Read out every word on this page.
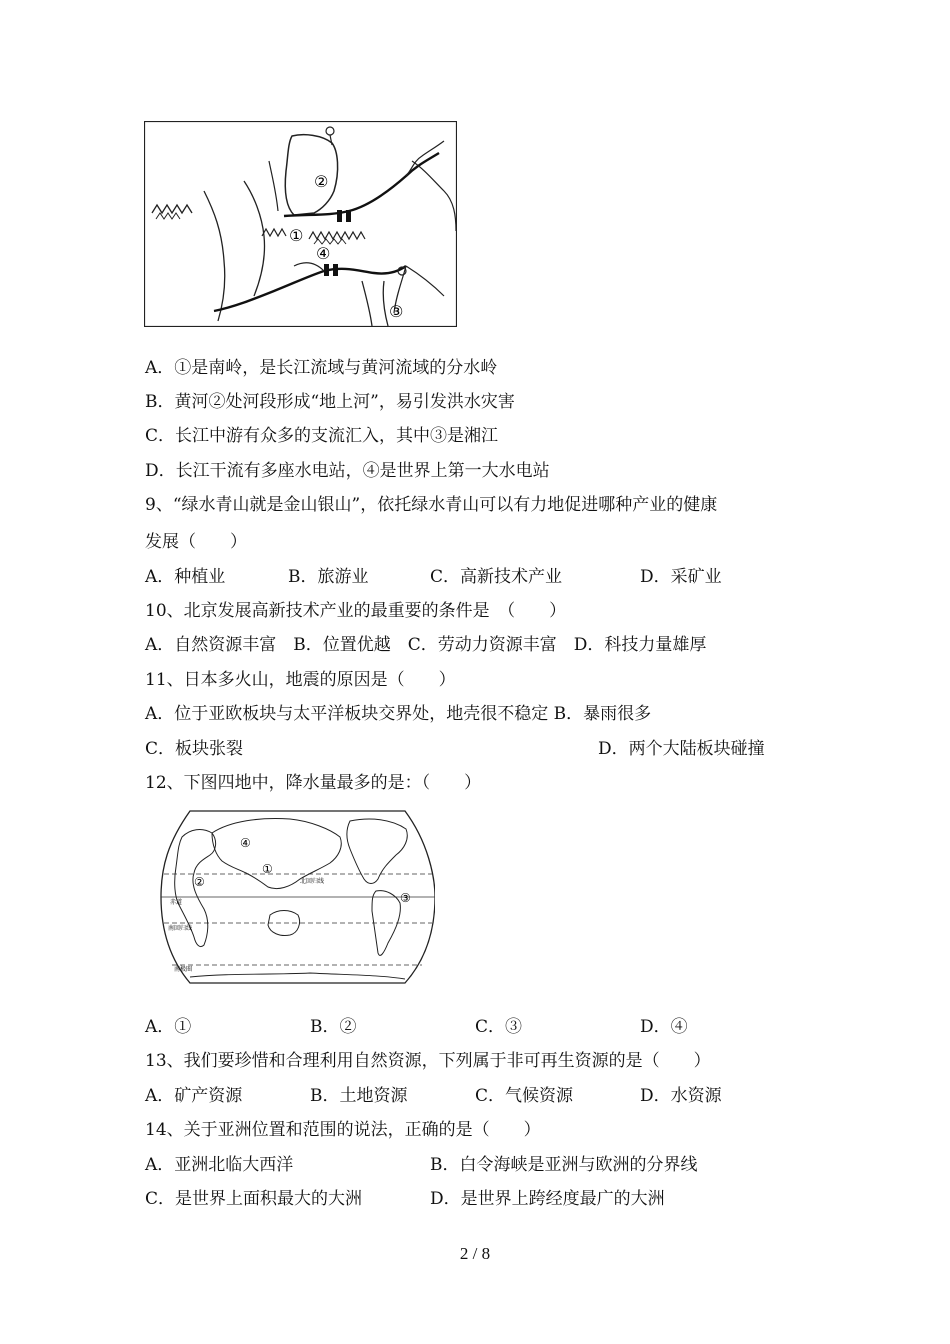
②
①
④
③
A．①是南岭，是长江流域与黄河流域的分水岭
B．黄河②处河段形成“地上河”，易引发洪水灾害
C．长江中游有众多的支流汇入，其中③是湘江
D．长江干流有多座水电站，④是世界上第一大水电站
9、“绿水青山就是金山银山”，依托绿水青山可以有力地促进哪种产业的健康
发展（　　）
A．种植业	B．旅游业	C．高新技术产业	D．采矿业
10、北京发展高新技术产业的最重要的条件是　（　　）
A．自然资源丰富　B．位置优越　C．劳动力资源丰富　D．科技力量雄厚
11、日本多火山，地震的原因是（　　）
A．位于亚欧板块与太平洋板块交界处，地壳很不稳定 B．暴雨很多
C．板块张裂	D．两个大陆板块碰撞
12、下图四地中，降水量最多的是：（　　）
④
①
②
③
北回归线
赤道
南回归线
南极圈
A．①	B．②	C．③	D．④
13、我们要珍惜和合理利用自然资源，下列属于非可再生资源的是（　　）
A．矿产资源	B．土地资源	C．气候资源	D．水资源
14、关于亚洲位置和范围的说法，正确的是（　　）
A．亚洲北临大西洋	B．白令海峡是亚洲与欧洲的分界线
C．是世界上面积最大的大洲	D．是世界上跨经度最广的大洲
2 / 8
